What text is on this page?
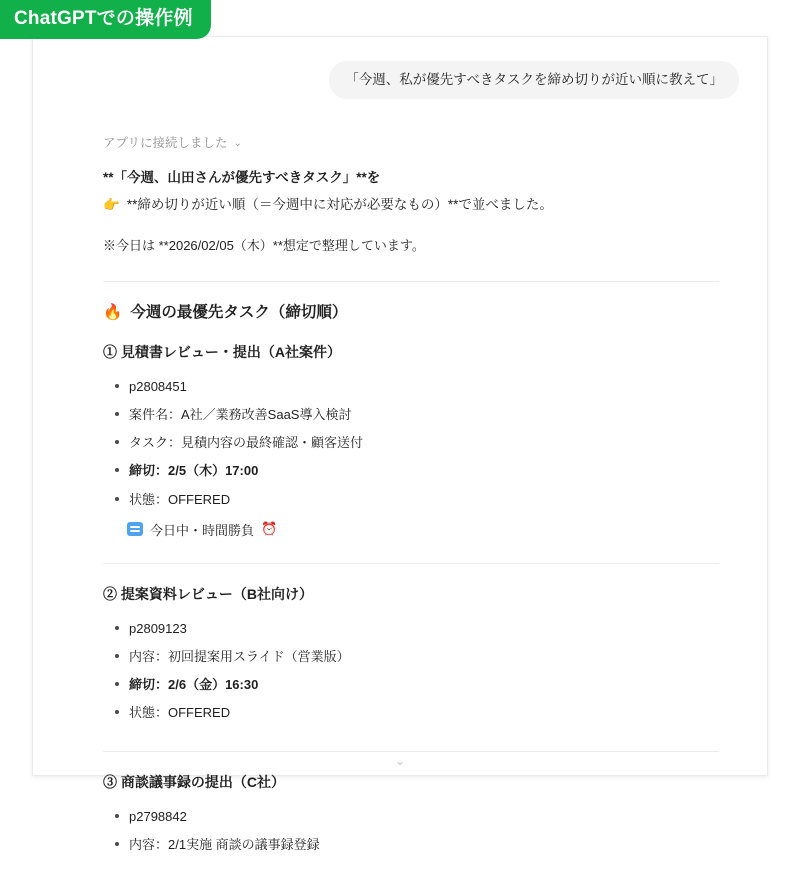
ChatGPTでの操作例
「今週、私が優先すべきタスクを締め切りが近い順に教えて」
アプリに接続しました ⌄
**「今週、山田さんが優先すべきタスク」**を
👉 **締め切りが近い順（＝今週中に対応が必要なもの）**で並べました。
※今日は **2026/02/05（木）**想定で整理しています。
🔥 今週の最優先タスク（締切順）
① 見積書レビュー・提出（A社案件）
p2808451
案件名：A社／業務改善SaaS導入検討
タスク：見積内容の最終確認・顧客送付
締切：2/5（木）17:00
状態：OFFERED
今日中・時間勝負 ⏰
② 提案資料レビュー（B社向け）
p2809123
内容：初回提案用スライド（営業版）
締切：2/6（金）16:30
状態：OFFERED
③ 商談議事録の提出（C社）
p2798842
内容：2/1実施 商談の議事録登録
⌄
